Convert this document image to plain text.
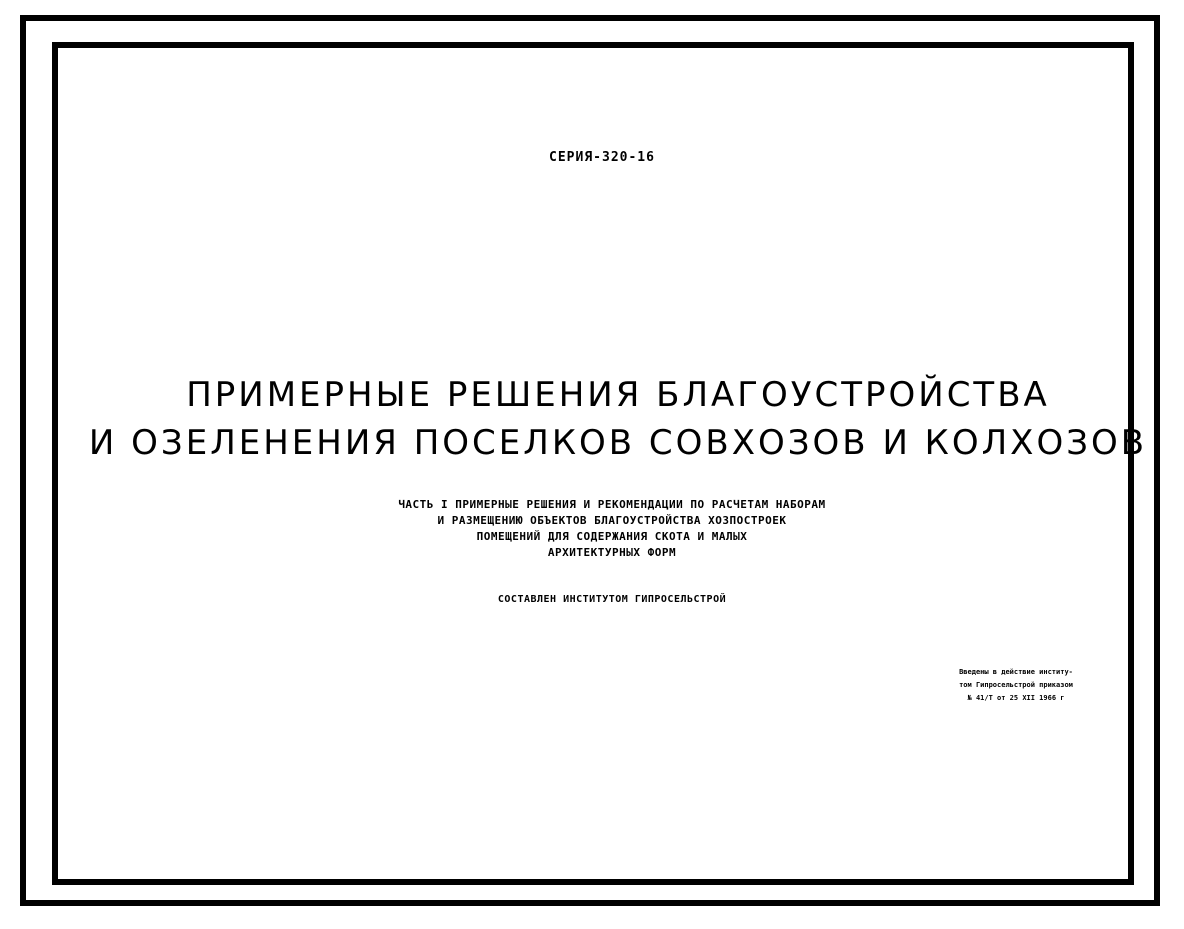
СЕРИЯ-320-16
ПРИМЕРНЫЕ РЕШЕНИЯ БЛАГОУСТРОЙСТВА
И ОЗЕЛЕНЕНИЯ ПОСЕЛКОВ СОВХОЗОВ И КОЛХОЗОВ
ЧАСТЬ I ПРИМЕРНЫЕ РЕШЕНИЯ И РЕКОМЕНДАЦИИ ПО РАСЧЕТАМ НАБОРАМ
И РАЗМЕЩЕНИЮ ОБЪЕКТОВ БЛАГОУСТРОЙСТВА ХОЗПОСТРОЕК
ПОМЕЩЕНИЙ ДЛЯ СОДЕРЖАНИЯ СКОТА И МАЛЫХ
АРХИТЕКТУРНЫХ ФОРМ
СОСТАВЛЕН ИНСТИТУТОМ ГИПРОСЕЛЬСТРОЙ
Введены в действие институ-
том Гипросельстрой приказом
№ 41/Т от 25 XII 1966 г
